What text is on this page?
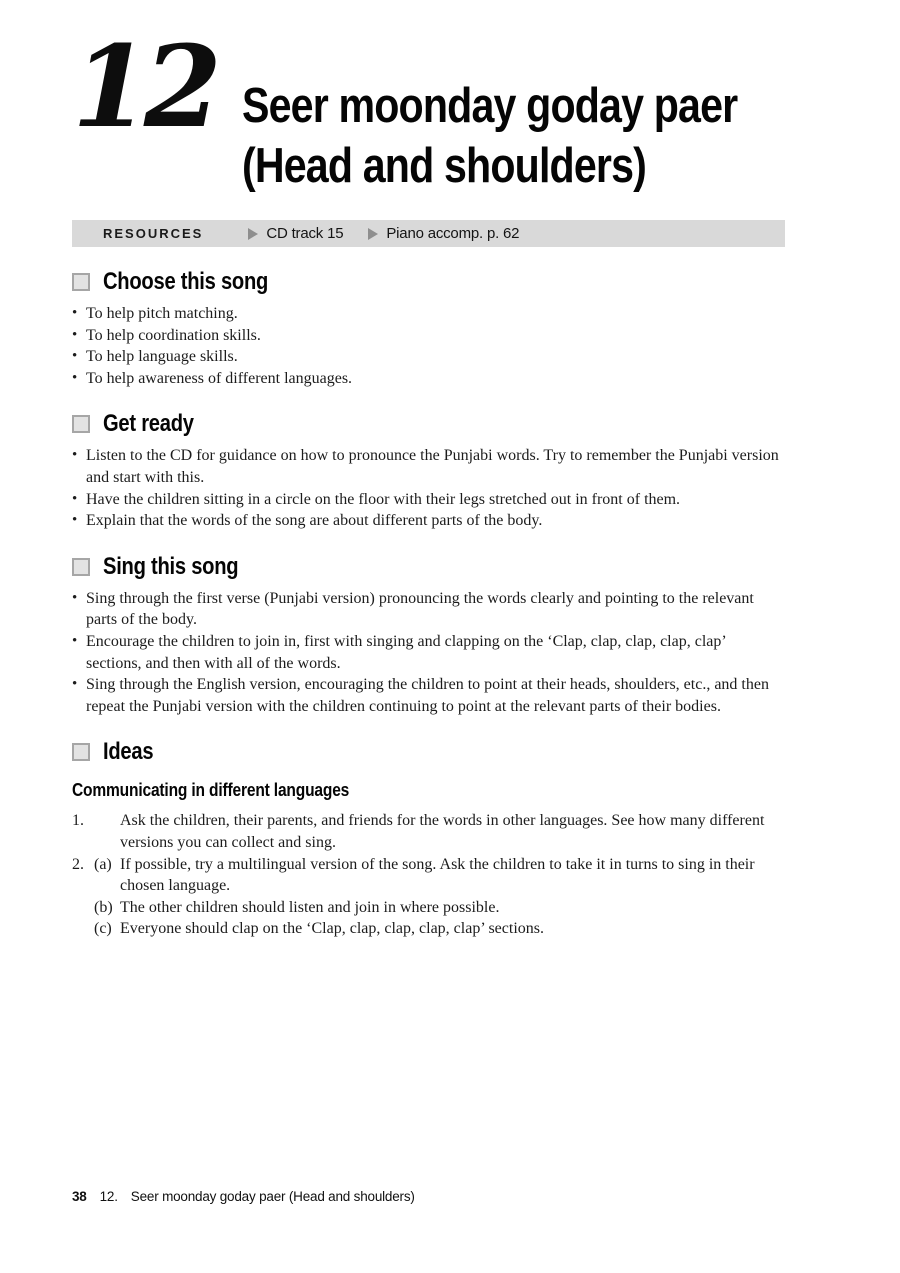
12 Seer moonday goday paer
(Head and shoulders)
RESOURCES	CD track 15	Piano accomp. p. 62
Choose this song
• To help pitch matching.
• To help coordination skills.
• To help language skills.
• To help awareness of different languages.
Get ready
• Listen to the CD for guidance on how to pronounce the Punjabi words. Try to remember the Punjabi version and start with this.
• Have the children sitting in a circle on the floor with their legs stretched out in front of them.
• Explain that the words of the song are about different parts of the body.
Sing this song
• Sing through the first verse (Punjabi version) pronouncing the words clearly and pointing to the relevant parts of the body.
• Encourage the children to join in, first with singing and clapping on the ‘Clap, clap, clap, clap, clap’ sections, and then with all of the words.
• Sing through the English version, encouraging the children to point at their heads, shoulders, etc., and then repeat the Punjabi version with the children continuing to point at the relevant parts of their bodies.
Ideas
Communicating in different languages
1.	Ask the children, their parents, and friends for the words in other languages. See how many different versions you can collect and sing.
2. (a) If possible, try a multilingual version of the song. Ask the children to take it in turns to sing in their chosen language.
(b) The other children should listen and join in where possible.
(c) Everyone should clap on the ‘Clap, clap, clap, clap, clap’ sections.
38 12. Seer moonday goday paer (Head and shoulders)
